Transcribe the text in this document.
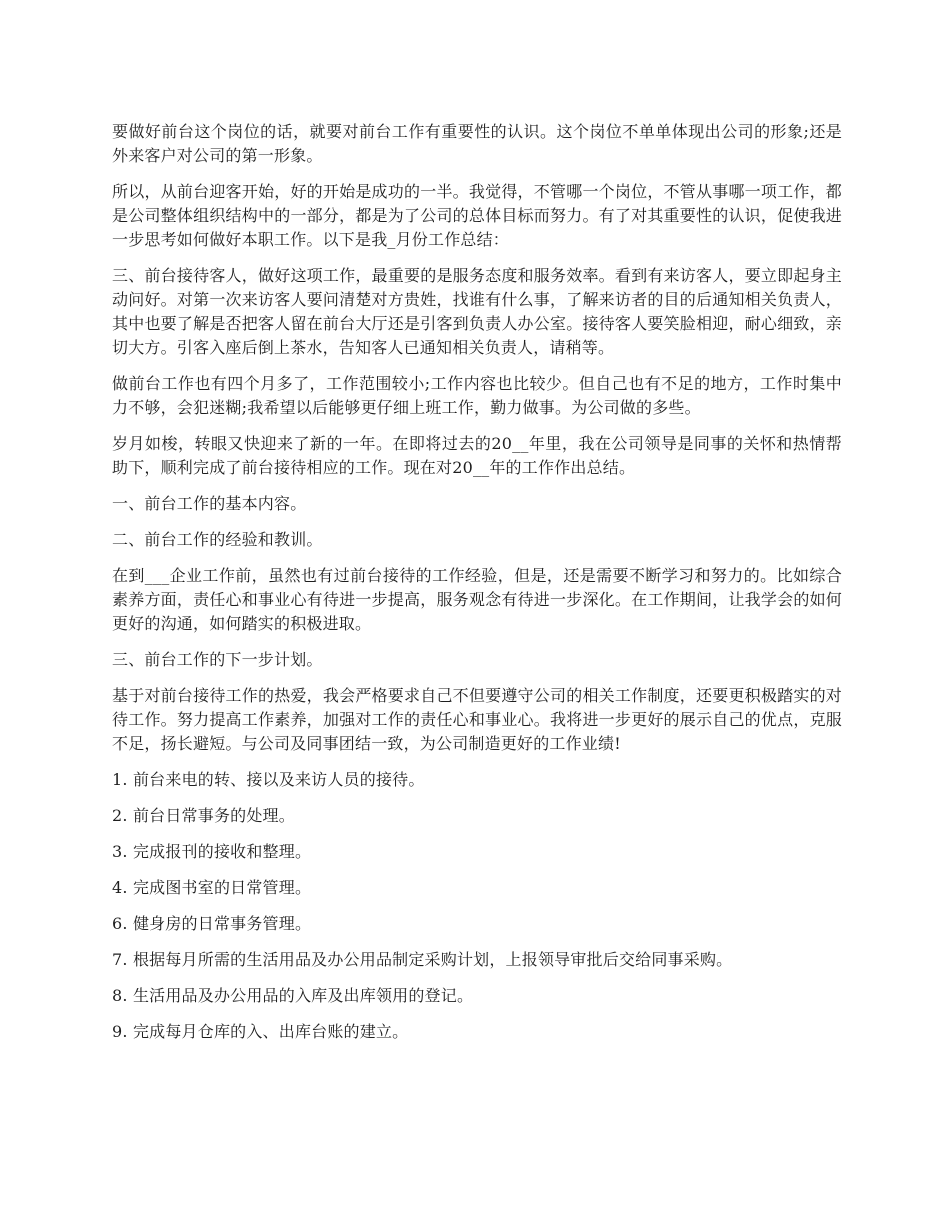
要做好前台这个岗位的话，就要对前台工作有重要性的认识。这个岗位不单单体现出公司的形象;还是外来客户对公司的第一形象。

所以，从前台迎客开始，好的开始是成功的一半。我觉得，不管哪一个岗位，不管从事哪一项工作，都是公司整体组织结构中的一部分，都是为了公司的总体目标而努力。有了对其重要性的认识，促使我进一步思考如何做好本职工作。以下是我_月份工作总结：

三、前台接待客人，做好这项工作，最重要的是服务态度和服务效率。看到有来访客人，要立即起身主动问好。对第一次来访客人要问清楚对方贵姓，找谁有什么事，了解来访者的目的后通知相关负责人，其中也要了解是否把客人留在前台大厅还是引客到负责人办公室。接待客人要笑脸相迎，耐心细致，亲切大方。引客入座后倒上茶水，告知客人已通知相关负责人，请稍等。

做前台工作也有四个月多了，工作范围较小;工作内容也比较少。但自己也有不足的地方，工作时集中力不够，会犯迷糊;我希望以后能够更仔细上班工作，勤力做事。为公司做的多些。

岁月如梭，转眼又快迎来了新的一年。在即将过去的20__年里，我在公司领导是同事的关怀和热情帮助下，顺利完成了前台接待相应的工作。现在对20__年的工作作出总结。

一、前台工作的基本内容。

二、前台工作的经验和教训。

在到___企业工作前，虽然也有过前台接待的工作经验，但是，还是需要不断学习和努力的。比如综合素养方面，责任心和事业心有待进一步提高，服务观念有待进一步深化。在工作期间，让我学会的如何更好的沟通，如何踏实的积极进取。

三、前台工作的下一步计划。

基于对前台接待工作的热爱，我会严格要求自己不但要遵守公司的相关工作制度，还要更积极踏实的对待工作。努力提高工作素养，加强对工作的责任心和事业心。我将进一步更好的展示自己的优点，克服不足，扬长避短。与公司及同事团结一致，为公司制造更好的工作业绩!

1. 前台来电的转、接以及来访人员的接待。

2. 前台日常事务的处理。

3. 完成报刊的接收和整理。

4. 完成图书室的日常管理。

6. 健身房的日常事务管理。

7. 根据每月所需的生活用品及办公用品制定采购计划，上报领导审批后交给同事采购。

8. 生活用品及办公用品的入库及出库领用的登记。

9. 完成每月仓库的入、出库台账的建立。
